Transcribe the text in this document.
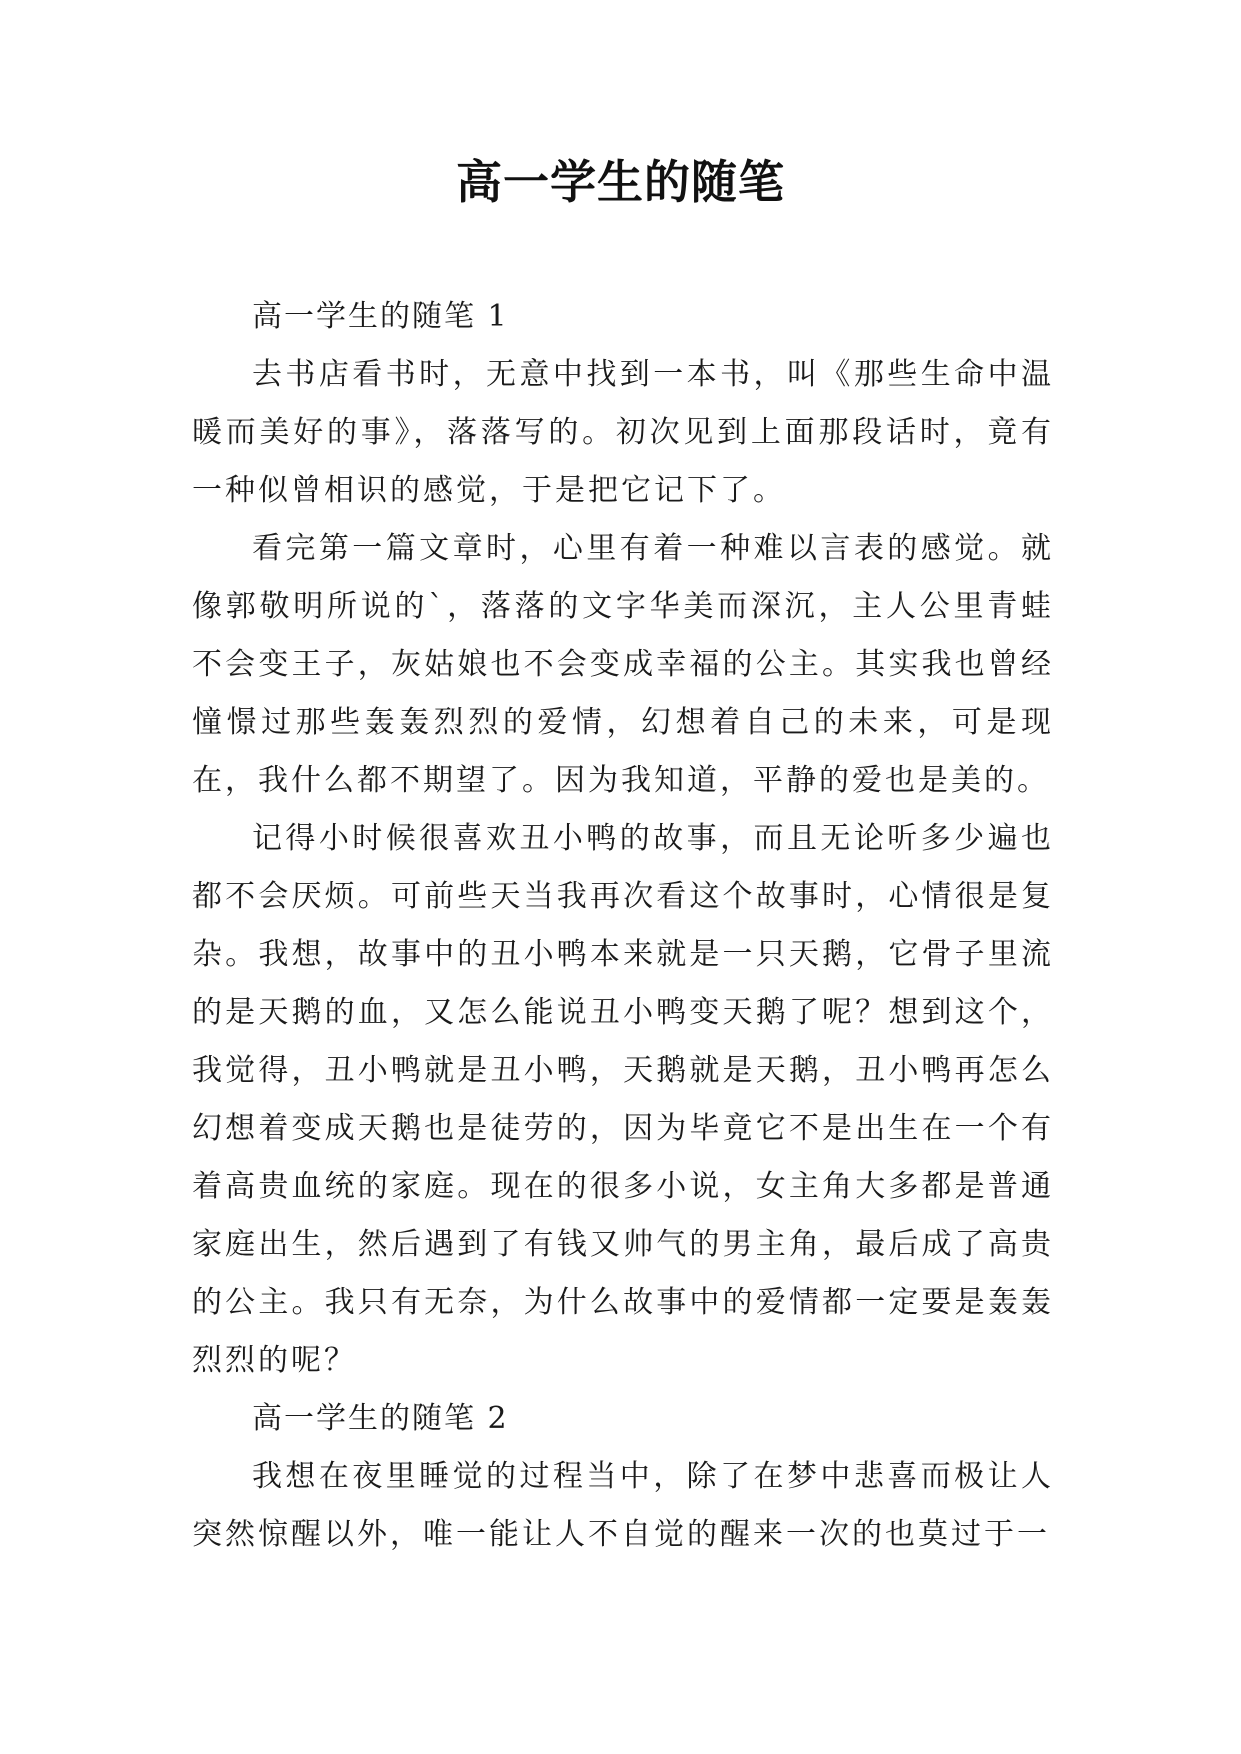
高一学生的随笔

高一学生的随笔 1

去书店看书时，无意中找到一本书，叫《那些生命中温暖而美好的事》，落落写的。初次见到上面那段话时，竟有一种似曾相识的感觉，于是把它记下了。

看完第一篇文章时，心里有着一种难以言表的感觉。就像郭敬明所说的`，落落的文字华美而深沉，主人公里青蛙不会变王子，灰姑娘也不会变成幸福的公主。其实我也曾经憧憬过那些轰轰烈烈的爱情，幻想着自己的未来，可是现在，我什么都不期望了。因为我知道，平静的爱也是美的。

记得小时候很喜欢丑小鸭的故事，而且无论听多少遍也都不会厌烦。可前些天当我再次看这个故事时，心情很是复杂。我想，故事中的丑小鸭本来就是一只天鹅，它骨子里流的是天鹅的血，又怎么能说丑小鸭变天鹅了呢？想到这个，我觉得，丑小鸭就是丑小鸭，天鹅就是天鹅，丑小鸭再怎么幻想着变成天鹅也是徒劳的，因为毕竟它不是出生在一个有着高贵血统的家庭。现在的很多小说，女主角大多都是普通家庭出生，然后遇到了有钱又帅气的男主角，最后成了高贵的公主。我只有无奈，为什么故事中的爱情都一定要是轰轰烈烈的呢？

高一学生的随笔 2

我想在夜里睡觉的过程当中，除了在梦中悲喜而极让人突然惊醒以外，唯一能让人不自觉的醒来一次的也莫过于一
